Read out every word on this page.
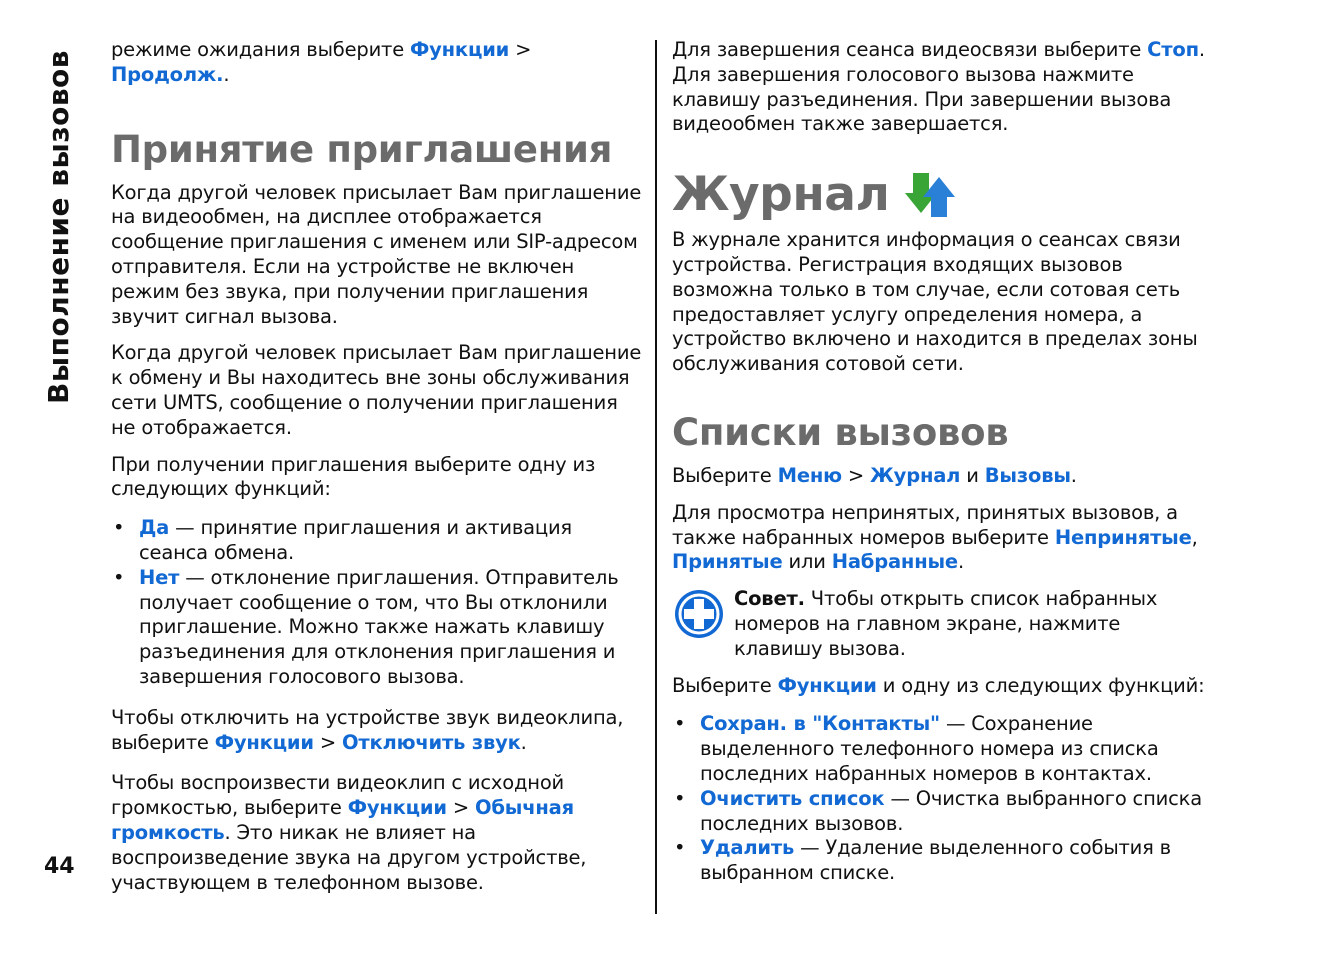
Выполнение вызовов
44

режиме ожидания выберите Функции >
Продолж..

Принятие приглашения

Когда другой человек присылает Вам приглашение на видеообмен, на дисплее отображается сообщение приглашения с именем или SIP-адресом отправителя. Если на устройстве не включен режим без звука, при получении приглашения звучит сигнал вызова.

Когда другой человек присылает Вам приглашение к обмену и Вы находитесь вне зоны обслуживания сети UMTS, сообщение о получении приглашения не отображается.

При получении приглашения выберите одну из следующих функций:

• Да — принятие приглашения и активация сеанса обмена.
• Нет — отклонение приглашения. Отправитель получает сообщение о том, что Вы отклонили приглашение. Можно также нажать клавишу разъединения для отклонения приглашения и завершения голосового вызова.

Чтобы отключить на устройстве звук видеоклипа, выберите Функции > Отключить звук.

Чтобы воспроизвести видеоклип с исходной громкостью, выберите Функции > Обычная громкость. Это никак не влияет на воспроизведение звука на другом устройстве, участвующем в телефонном вызове.

Для завершения сеанса видеосвязи выберите Стоп. Для завершения голосового вызова нажмите клавишу разъединения. При завершении вызова видеообмен также завершается.

Журнал

В журнале хранится информация о сеансах связи устройства. Регистрация входящих вызовов возможна только в том случае, если сотовая сеть предоставляет услугу определения номера, а устройство включено и находится в пределах зоны обслуживания сотовой сети.

Списки вызовов

Выберите Меню > Журнал и Вызовы.

Для просмотра непринятых, принятых вызовов, а также набранных номеров выберите Непринятые, Принятые или Набранные.

Совет. Чтобы открыть список набранных номеров на главном экране, нажмите клавишу вызова.

Выберите Функции и одну из следующих функций:

• Сохран. в "Контакты" — Сохранение выделенного телефонного номера из списка последних набранных номеров в контактах.
• Очистить список — Очистка выбранного списка последних вызовов.
• Удалить — Удаление выделенного события в выбранном списке.
